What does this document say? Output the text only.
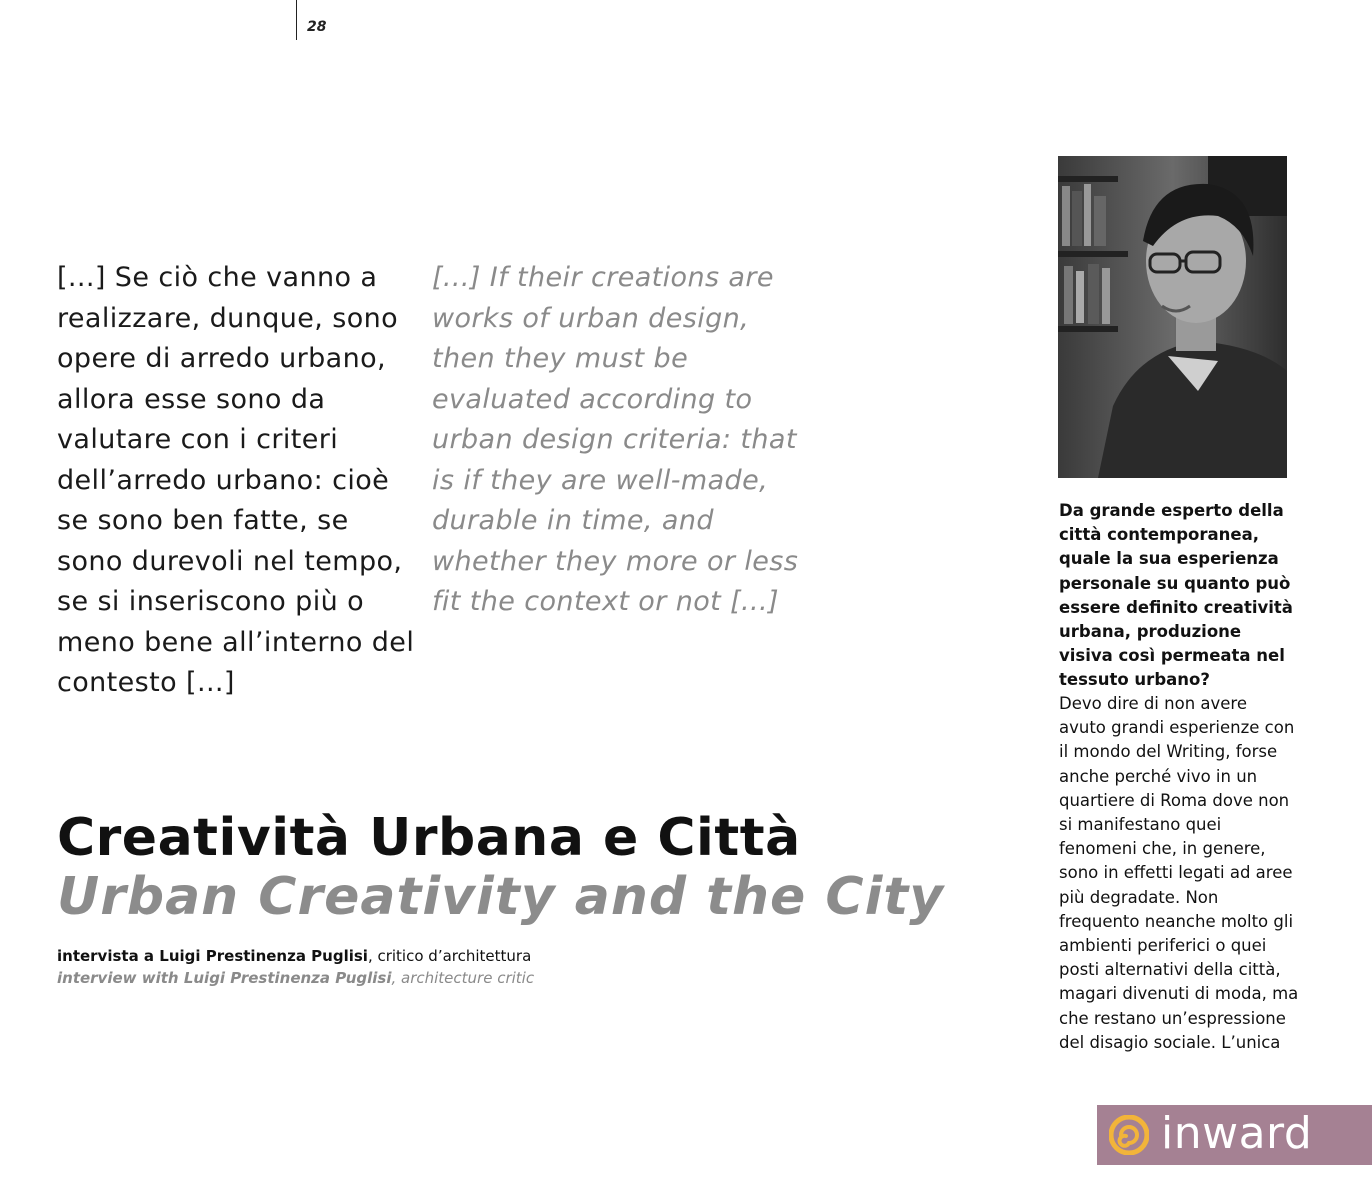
28

[...] Se ciò che vanno a
realizzare, dunque, sono
opere di arredo urbano,
allora esse sono da
valutare con i criteri
dell’arredo urbano: cioè
se sono ben fatte, se
sono durevoli nel tempo,
se si inseriscono più o
meno bene all’interno del
contesto [...]

[...] If their creations are
works of urban design,
then they must be
evaluated according to
urban design criteria: that
is if they are well-made,
durable in time, and
whether they more or less
fit the context or not [...]

Creatività Urbana e Città
Urban Creativity and the City
intervista a Luigi Prestinenza Puglisi, critico d’architettura
interview with Luigi Prestinenza Puglisi, architecture critic

Da grande esperto della città contemporanea, quale la sua esperienza personale su quanto può essere definito creatività urbana, produzione visiva così permeata nel tessuto urbano?

Devo dire di non avere avuto grandi esperienze con il mondo del Writing, forse anche perché vivo in un quartiere di Roma dove non si manifestano quei fenomeni che, in genere, sono in effetti legati ad aree più degradate. Non frequento neanche molto gli ambienti periferici o quei posti alternativi della città, magari divenuti di moda, ma che restano un’espressione del disagio sociale. L’unica

inward
